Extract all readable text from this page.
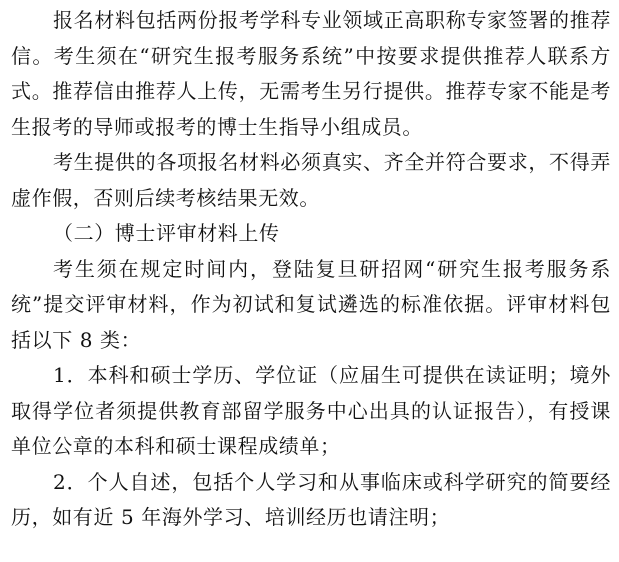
报名材料包括两份报考学科专业领域正高职称专家签署的推荐信。考生须在“研究生报考服务系统”中按要求提供推荐人联系方式。推荐信由推荐人上传，无需考生另行提供。推荐专家不能是考生报考的导师或报考的博士生指导小组成员。

考生提供的各项报名材料必须真实、齐全并符合要求，不得弄虚作假，否则后续考核结果无效。

（二）博士评审材料上传

考生须在规定时间内，登陆复旦研招网“研究生报考服务系统”提交评审材料，作为初试和复试遴选的标准依据。评审材料包括以下 8 类：

1．本科和硕士学历、学位证（应届生可提供在读证明；境外取得学位者须提供教育部留学服务中心出具的认证报告），有授课单位公章的本科和硕士课程成绩单；

2．个人自述，包括个人学习和从事临床或科学研究的简要经历，如有近 5 年海外学习、培训经历也请注明；
